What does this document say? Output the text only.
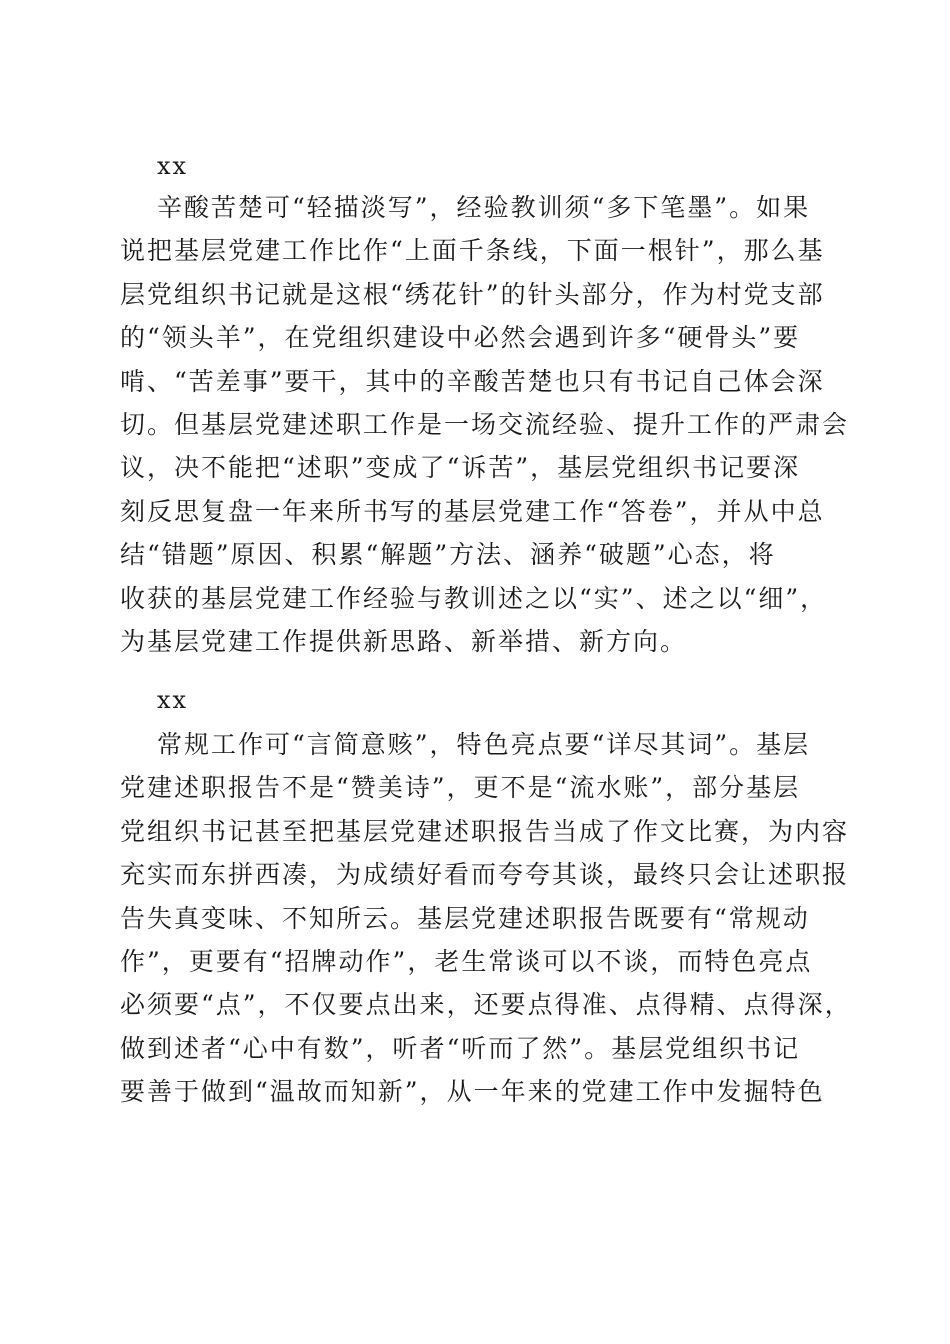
xx
辛酸苦楚可“轻描淡写”，经验教训须“多下笔墨”。如果
说把基层党建工作比作“上面千条线，下面一根针”，那么基
层党组织书记就是这根“绣花针”的针头部分，作为村党支部
的“领头羊”，在党组织建设中必然会遇到许多“硬骨头”要
啃、“苦差事”要干，其中的辛酸苦楚也只有书记自己体会深
切。但基层党建述职工作是一场交流经验、提升工作的严肃会
议，决不能把“述职”变成了“诉苦”，基层党组织书记要深
刻反思复盘一年来所书写的基层党建工作“答卷”，并从中总
结“错题”原因、积累“解题”方法、涵养“破题”心态，将
收获的基层党建工作经验与教训述之以“实”、述之以“细”，
为基层党建工作提供新思路、新举措、新方向。
xx
常规工作可“言简意赅”，特色亮点要“详尽其词”。基层
党建述职报告不是“赞美诗”，更不是“流水账”，部分基层
党组织书记甚至把基层党建述职报告当成了作文比赛，为内容
充实而东拼西凑，为成绩好看而夸夸其谈，最终只会让述职报
告失真变味、不知所云。基层党建述职报告既要有“常规动
作”，更要有“招牌动作”，老生常谈可以不谈，而特色亮点
必须要“点”，不仅要点出来，还要点得准、点得精、点得深，
做到述者“心中有数”，听者“听而了然”。基层党组织书记
要善于做到“温故而知新”，从一年来的党建工作中发掘特色
